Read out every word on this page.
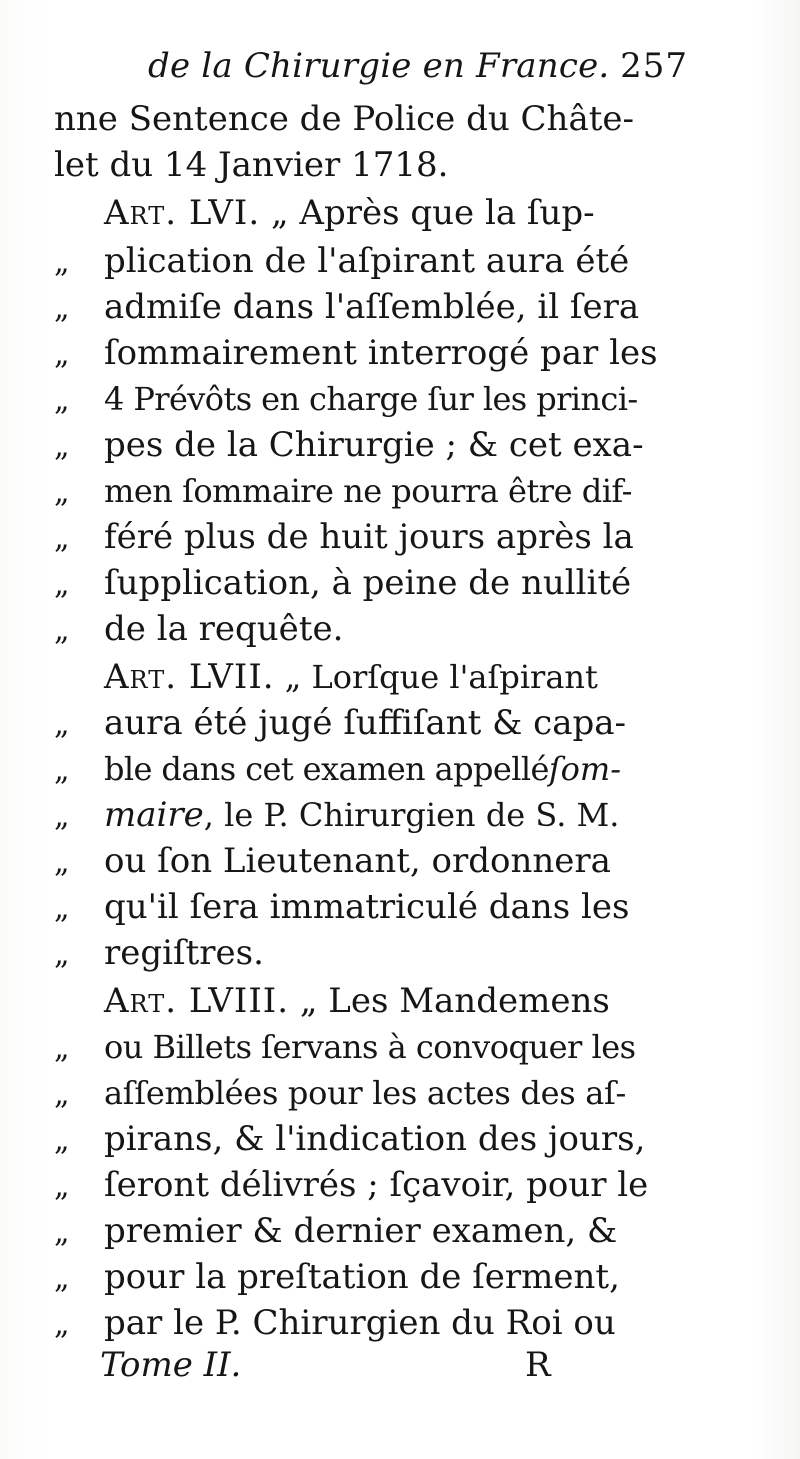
de la Chirurgie en France. 257
nne Sentence de Police du Châte-
let du 14 Janvier 1718.
Art. LVI. „ Après que la ſup-
„ plication de l'aſpirant aura été
„ admiſe dans l'aſſemblée, il ſera
„ ſommairement interrogé par les
„ 4 Prévôts en charge ſur les princi-
„ pes de la Chirurgie ; & cet exa-
„ men ſommaire ne pourra être dif-
„ féré plus de huit jours après la
„ ſupplication, à peine de nullité
„ de la requête.
Art. LVII. „ Lorſque l'aſpirant
„ aura été jugé ſuffiſant & capa-
„ ble dans cet examen appelléſom-
„ maire, le P. Chirurgien de S. M.
„ ou ſon Lieutenant, ordonnera
„ qu'il ſera immatriculé dans les
„ regiſtres.
Art. LVIII. „ Les Mandemens
„ ou Billets ſervans à convoquer les
„ aſſemblées pour les actes des aſ-
„ pirans, & l'indication des jours,
„ ſeront délivrés ; ſçavoir, pour le
„ premier & dernier examen, &
„ pour la preſtation de ſerment,
„ par le P. Chirurgien du Roi ou
Tome II.	R
